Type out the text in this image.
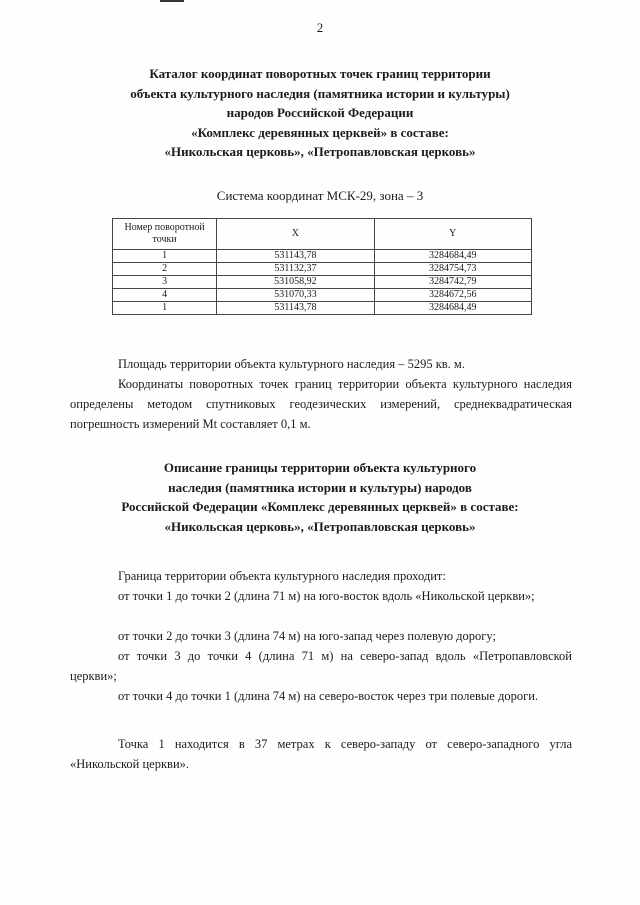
2
Каталог координат поворотных точек границ территории
объекта культурного наследия (памятника истории и культуры)
народов Российской Федерации
«Комплекс деревянных церквей» в составе:
«Никольская церковь», «Петропавловская церковь»
Система координат МСК-29, зона – 3
Номер поворотной точки	X	Y
1	531143,78	3284684,49
2	531132,37	3284754,73
3	531058,92	3284742,79
4	531070,33	3284672,56
1	531143,78	3284684,49

Площадь территории объекта культурного наследия – 5295 кв. м.

Координаты поворотных точек границ территории объекта культурного наследия определены методом спутниковых геодезических измерений, среднеквадратическая погрешность измерений Mt составляет 0,1 м.

Описание границы территории объекта культурного
наследия (памятника истории и культуры) народов
Российской Федерации «Комплекс деревянных церквей» в составе:
«Никольская церковь», «Петропавловская церковь»

Граница территории объекта культурного наследия проходит:

от точки 1 до точки 2 (длина 71 м) на юго-восток вдоль «Никольской церкви»;

от точки 2 до точки 3 (длина 74 м) на юго-запад через полевую дорогу;

от точки 3 до точки 4 (длина 71 м) на северо-запад вдоль «Петропавловской церкви»;

от точки 4 до точки 1 (длина 74 м) на северо-восток через три полевые дороги.

Точка 1 находится в 37 метрах к северо-западу от северо-западного угла «Никольской церкви».
